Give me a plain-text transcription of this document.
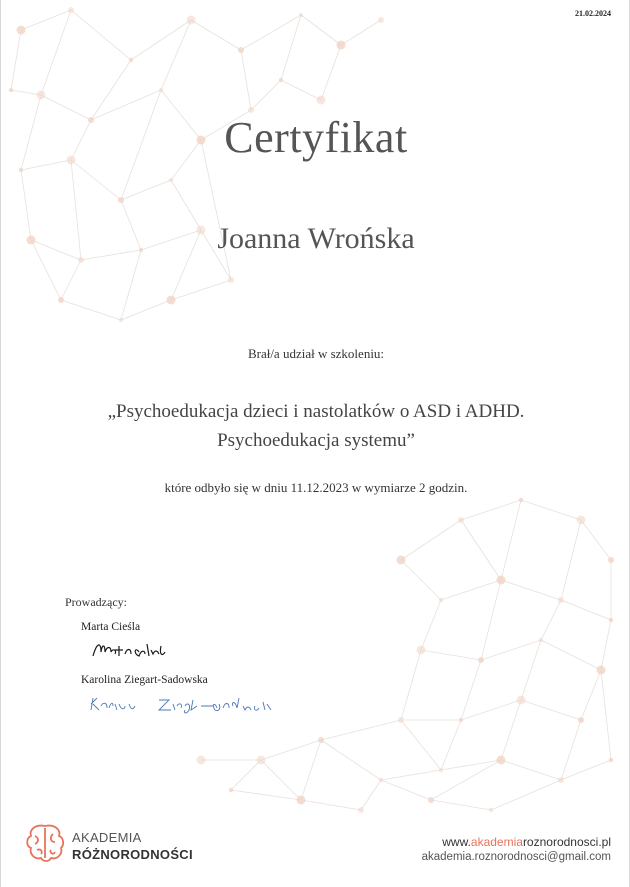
21.02.2024
Certyfikat
Joanna Wrońska
Brał/a udział w szkoleniu:
„Psychoedukacja dzieci i nastolatków o ASD i ADHD.
Psychoedukacja systemu”
które odbyło się w dniu 11.12.2023 w wymiarze 2 godzin.
Prowadzący:
Marta Cieśla
Karolina Ziegart-Sadowska
AKADEMIA
RÓŻNORODNOŚCI
www.akademiaroznorodnosci.pl
akademia.roznorodnosci@gmail.com
